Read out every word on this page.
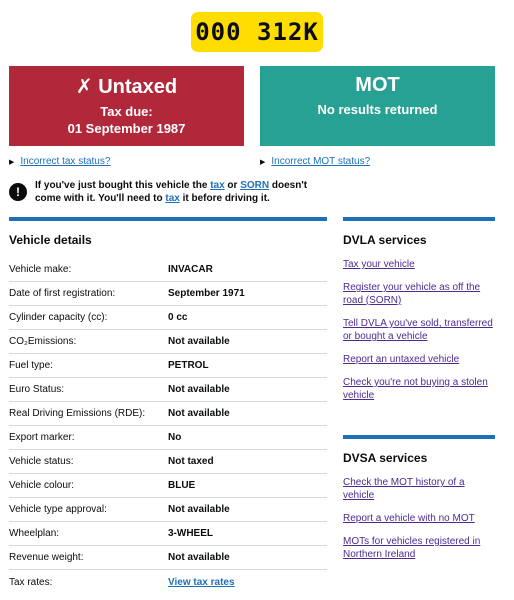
000 312K
✗ Untaxed
Tax due:
01 September 1987
MOT
No results returned
▶ Incorrect tax status?	▶ Incorrect MOT status?
!	If you've just bought this vehicle the tax or SORN doesn't come with it. You'll need to tax it before driving it.
Vehicle details	DVLA services
DVSA services
Vehicle make:	INVACAR
Date of first registration:	September 1971
Cylinder capacity (cc):	0 cc
CO₂Emissions:	Not available
Fuel type:	PETROL
Euro Status:	Not available
Real Driving Emissions (RDE):	Not available
Export marker:	No
Vehicle status:	Not taxed
Vehicle colour:	BLUE
Vehicle type approval:	Not available
Wheelplan:	3-WHEEL
Revenue weight:	Not available
Tax rates:	View tax rates
Tax your vehicle
Register your vehicle as off the road (SORN)
Tell DVLA you've sold, transferred or bought a vehicle
Report an untaxed vehicle
Check you're not buying a stolen vehicle
Check the MOT history of a vehicle
Report a vehicle with no MOT
MOTs for vehicles registered in Northern Ireland
